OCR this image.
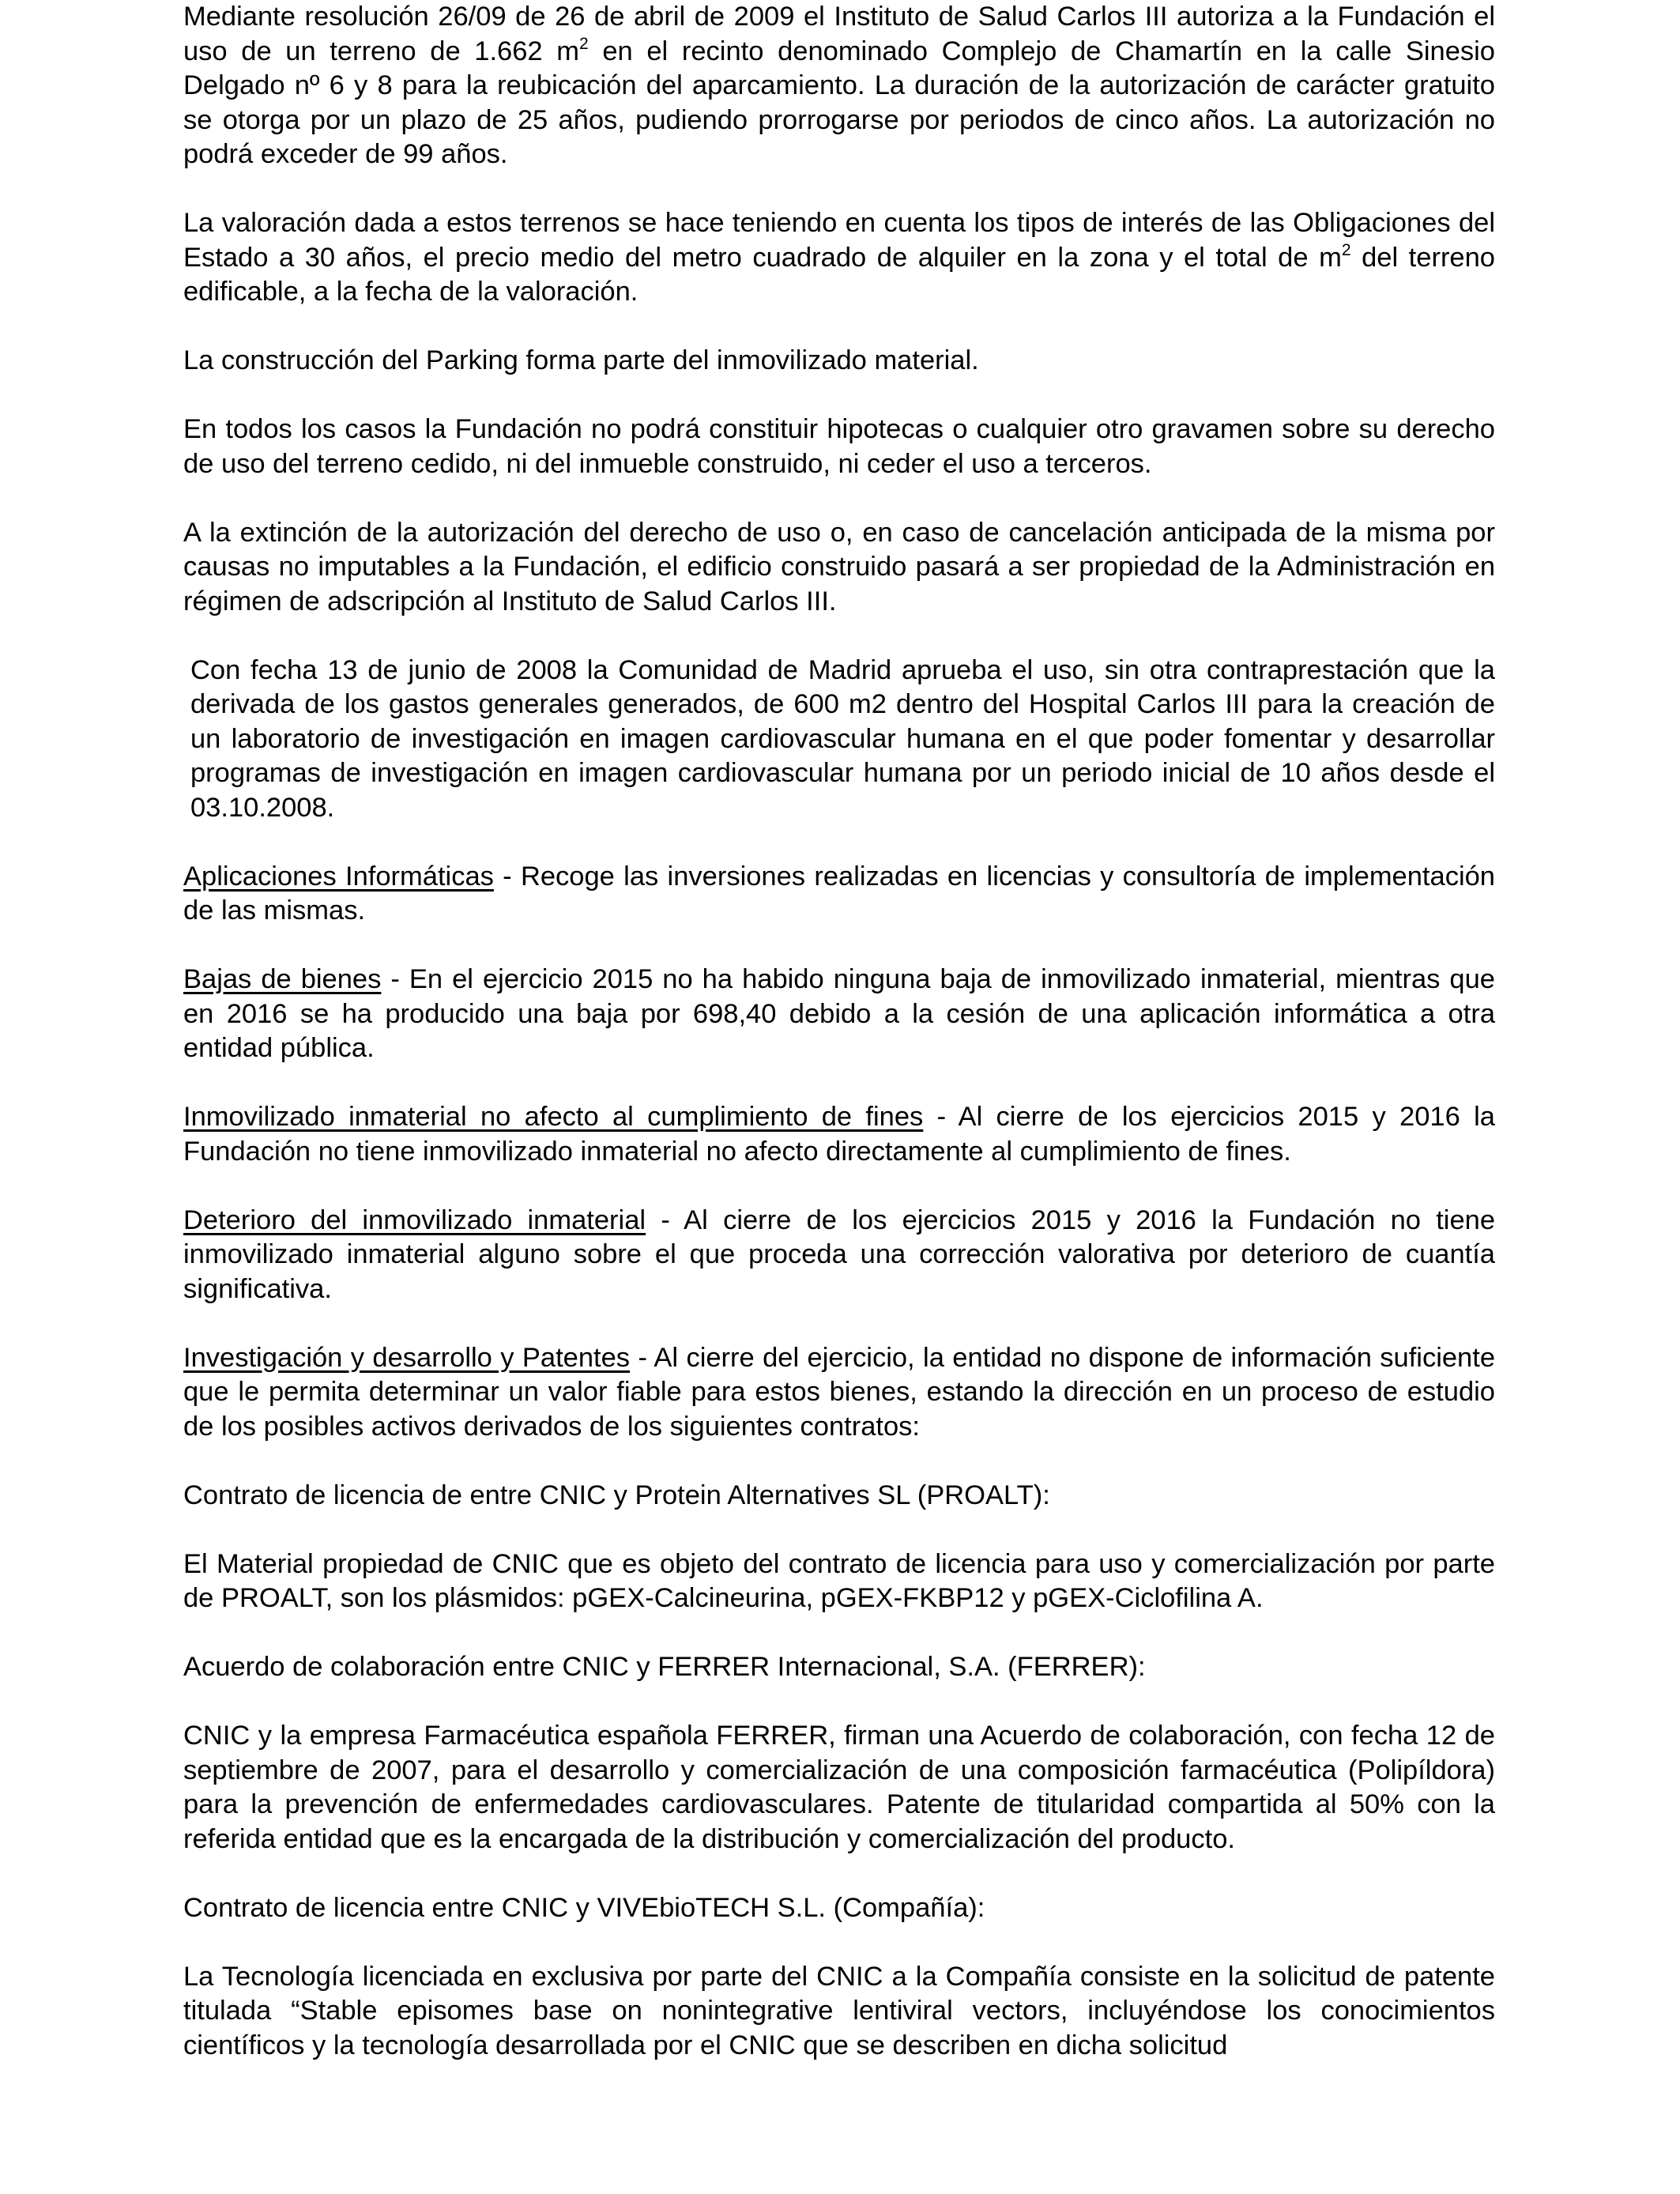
Mediante resolución 26/09 de 26 de abril de 2009 el Instituto de Salud Carlos III autoriza a la Fundación el uso de un terreno de 1.662 $m^2$ en el recinto denominado Complejo de Chamartín en la calle Sinesio Delgado nº 6 y 8 para la reubicación del aparcamiento. La duración de la autorización de carácter gratuito se otorga por un plazo de 25 años, pudiendo prorrogarse por periodos de cinco años. La autorización no podrá exceder de 99 años.

La valoración dada a estos terrenos se hace teniendo en cuenta los tipos de interés de las Obligaciones del Estado a 30 años, el precio medio del metro cuadrado de alquiler en la zona y el total de $m^2$ del terreno edificable, a la fecha de la valoración.

La construcción del Parking forma parte del inmovilizado material.

En todos los casos la Fundación no podrá constituir hipotecas o cualquier otro gravamen sobre su derecho de uso del terreno cedido, ni del inmueble construido, ni ceder el uso a terceros.

A la extinción de la autorización del derecho de uso o, en caso de cancelación anticipada de la misma por causas no imputables a la Fundación, el edificio construido pasará a ser propiedad de la Administración en régimen de adscripción al Instituto de Salud Carlos III.

Con fecha 13 de junio de 2008 la Comunidad de Madrid aprueba el uso, sin otra contraprestación que la derivada de los gastos generales generados, de 600 m2 dentro del Hospital Carlos III para la creación de un laboratorio de investigación en imagen cardiovascular humana en el que poder fomentar y desarrollar programas de investigación en imagen cardiovascular humana por un periodo inicial de 10 años desde el 03.10.2008.

Aplicaciones Informáticas - Recoge las inversiones realizadas en licencias y consultoría de implementación de las mismas.

Bajas de bienes - En el ejercicio 2015 no ha habido ninguna baja de inmovilizado inmaterial, mientras que en 2016 se ha producido una baja por 698,40 debido a la cesión de una aplicación informática a otra entidad pública.

Inmovilizado inmaterial no afecto al cumplimiento de fines - Al cierre de los ejercicios 2015 y 2016 la Fundación no tiene inmovilizado inmaterial no afecto directamente al cumplimiento de fines.

Deterioro del inmovilizado inmaterial - Al cierre de los ejercicios 2015 y 2016 la Fundación no tiene inmovilizado inmaterial alguno sobre el que proceda una corrección valorativa por deterioro de cuantía significativa.

Investigación y desarrollo y Patentes - Al cierre del ejercicio, la entidad no dispone de información suficiente que le permita determinar un valor fiable para estos bienes, estando la dirección en un proceso de estudio de los posibles activos derivados de los siguientes contratos:

Contrato de licencia de entre CNIC y Protein Alternatives SL (PROALT):

El Material propiedad de CNIC que es objeto del contrato de licencia para uso y comercialización por parte de PROALT, son los plásmidos: pGEX-Calcineurina, pGEX-FKBP12 y pGEX-Ciclofilina A.

Acuerdo de colaboración entre CNIC y FERRER Internacional, S.A. (FERRER):

CNIC y la empresa Farmacéutica española FERRER, firman una Acuerdo de colaboración, con fecha 12 de septiembre de 2007, para el desarrollo y comercialización de una composición farmacéutica (Polipíldora) para la prevención de enfermedades cardiovasculares. Patente de titularidad compartida al 50% con la referida entidad que es la encargada de la distribución y comercialización del producto.

Contrato de licencia entre CNIC y VIVEbioTECH S.L. (Compañía):

La Tecnología licenciada en exclusiva por parte del CNIC a la Compañía consiste en la solicitud de patente titulada “Stable episomes base on nonintegrative lentiviral vectors, incluyéndose los conocimientos científicos y la tecnología desarrollada por el CNIC que se describen en dicha solicitud
